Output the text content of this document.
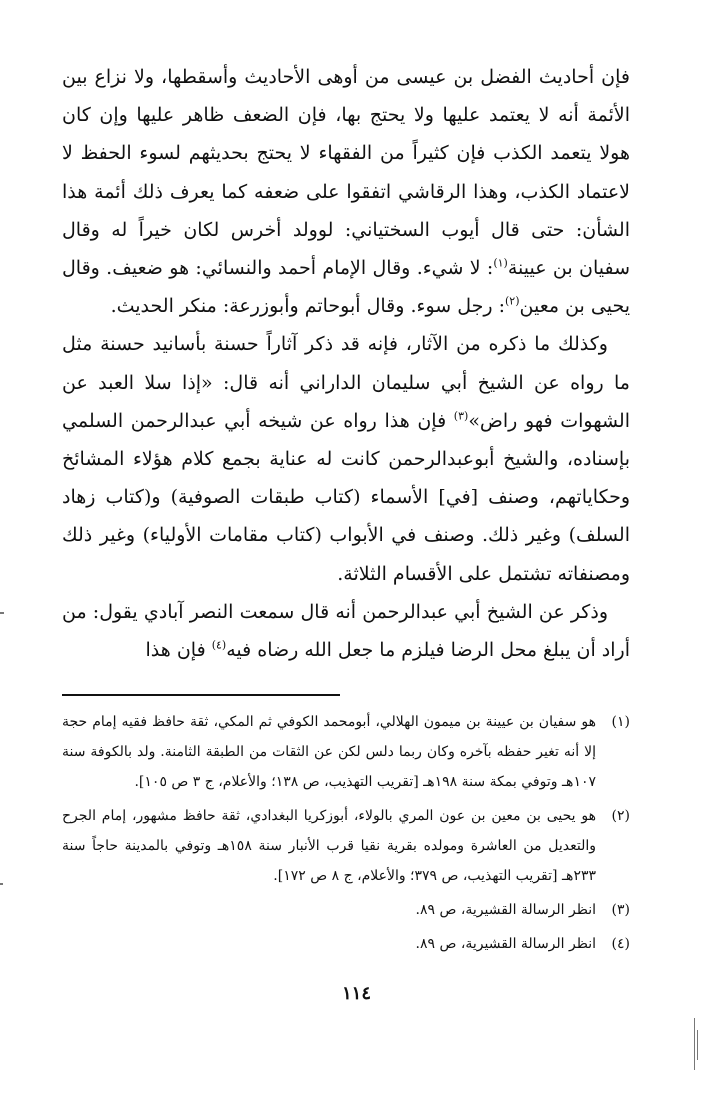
فإن أحاديث الفضل بن عيسى من أوهى الأحاديث وأسقطها، ولا نزاع بين الأئمة أنه لا يعتمد عليها ولا يحتج بها، فإن الضعف ظاهر عليها وإن كان هولا يتعمد الكذب فإن كثيراً من الفقهاء لا يحتج بحديثهم لسوء الحفظ لا لاعتماد الكذب، وهذا الرقاشي اتفقوا على ضعفه كما يعرف ذلك أئمة هذا الشأن: حتى قال أيوب السختياني: لوولد أخرس لكان خيراً له وقال سفيان بن عيينة$^{(١)}$: لا شيء. وقال الإمام أحمد والنسائي: هو ضعيف. وقال يحيى بن معين$^{(٢)}$: رجل سوء. وقال أبوحاتم وأبوزرعة: منكر الحديث.

وكذلك ما ذكره من الآثار، فإنه قد ذكر آثاراً حسنة بأسانيد حسنة مثل ما رواه عن الشيخ أبي سليمان الداراني أنه قال: «إذا سلا العبد عن الشهوات فهو راض»$^{(٣)}$ فإن هذا رواه عن شيخه أبي عبدالرحمن السلمي بإسناده، والشيخ أبوعبدالرحمن كانت له عناية بجمع كلام هؤلاء المشائخ وحكاياتهم، وصنف [في] الأسماء (كتاب طبقات الصوفية) و(كتاب زهاد السلف) وغير ذلك. وصنف في الأبواب (كتاب مقامات الأولياء) وغير ذلك ومصنفاته تشتمل على الأقسام الثلاثة.

وذكر عن الشيخ أبي عبدالرحمن أنه قال سمعت النصر آبادي يقول: من أراد أن يبلغ محل الرضا فيلزم ما جعل الله رضاه فيه$^{(٤)}$ فإن هذا

(١)
هو سفيان بن عيينة بن ميمون الهلالي، أبومحمد الكوفي ثم المكي، ثقة حافظ فقيه إمام حجة إلا أنه تغير حفظه بآخره وكان ربما دلس لكن عن الثقات من الطبقة الثامنة. ولد بالكوفة سنة ١٠٧هـ وتوفي بمكة سنة ١٩٨هـ [تقريب التهذيب، ص ١٣٨؛ والأعلام، ج ٣ ص ١٠٥].
(٢)
هو يحيى بن معين بن عون المري بالولاء، أبوزكريا البغدادي، ثقة حافظ مشهور، إمام الجرح والتعديل من العاشرة ومولده بقرية نقيا قرب الأنبار سنة ١٥٨هـ وتوفي بالمدينة حاجاً سنة ٢٣٣هـ [تقريب التهذيب، ص ٣٧٩؛ والأعلام، ج ٨ ص ١٧٢].
(٣)
انظر الرسالة القشيرية، ص ٨٩.
(٤)
انظر الرسالة القشيرية، ص ٨٩.
١١٤
